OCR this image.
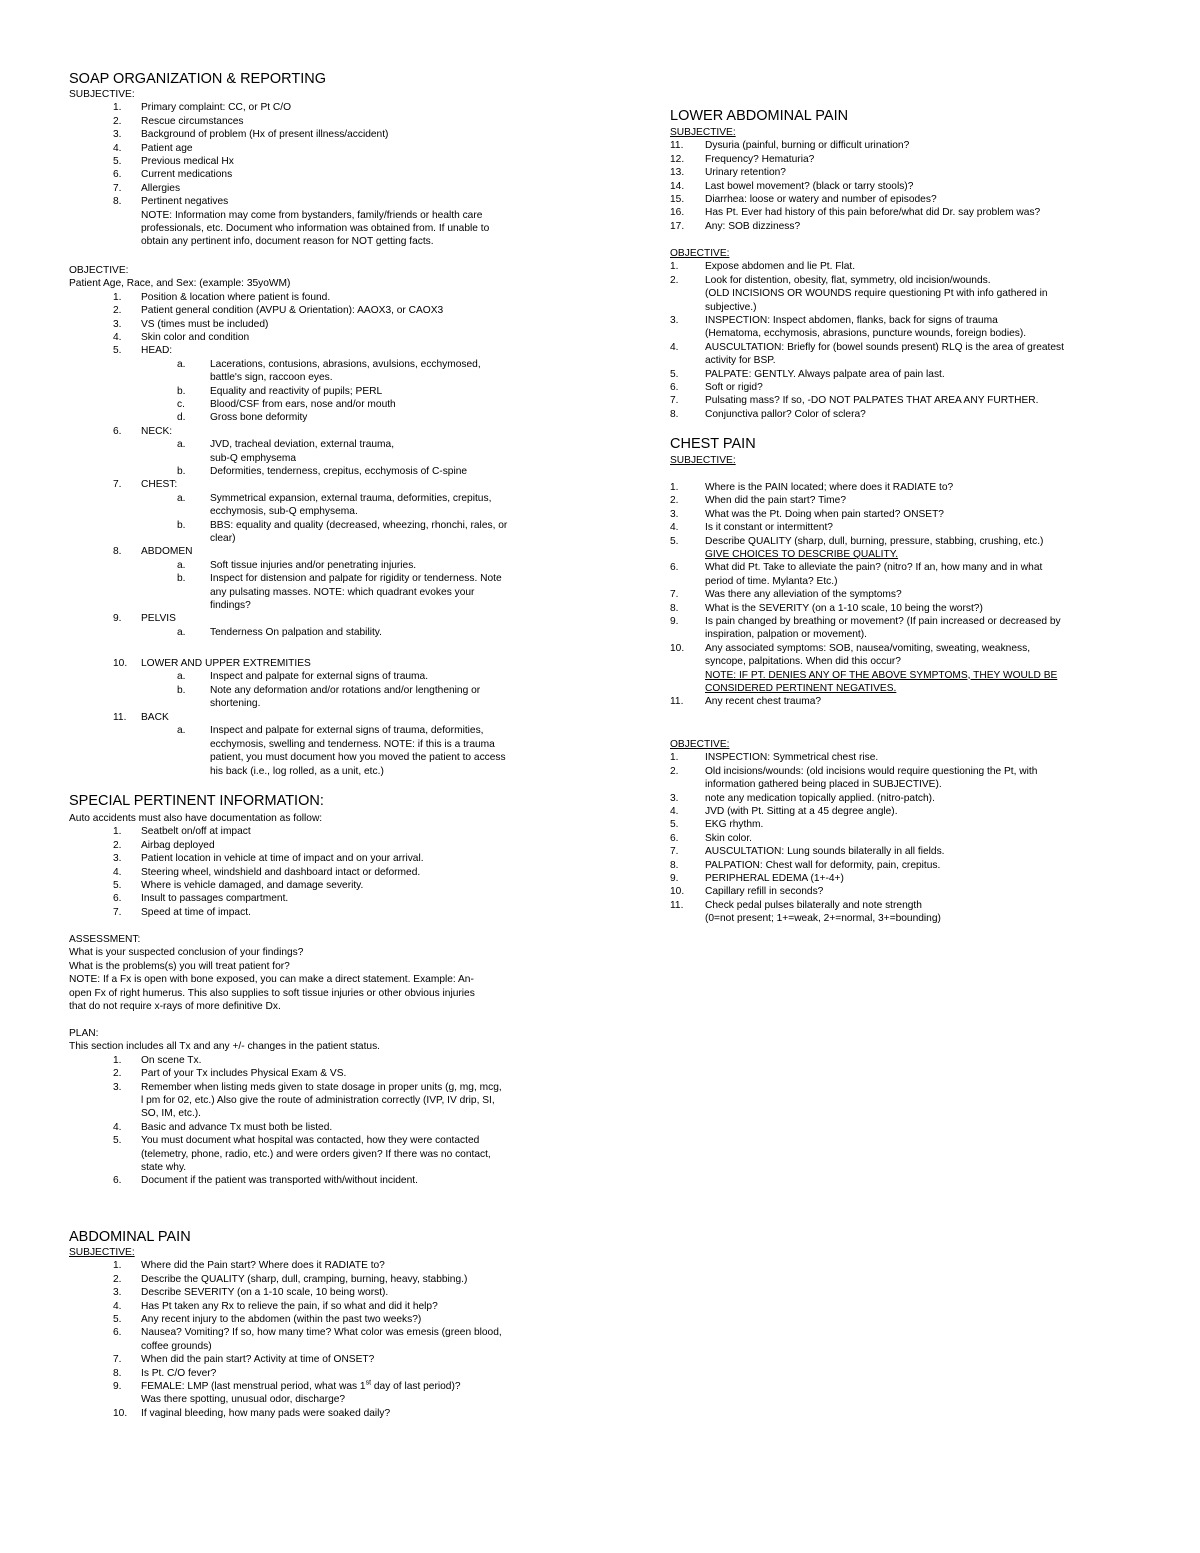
SOAP ORGANIZATION & REPORTING
SUBJECTIVE:
1. Primary complaint: CC, or Pt C/O
2. Rescue circumstances
3. Background of problem (Hx of present illness/accident)
4. Patient age
5. Previous medical Hx
6. Current medications
7. Allergies
8. Pertinent negatives
NOTE: Information may come from bystanders, family/friends or health care
professionals, etc. Document who information was obtained from. If unable to
obtain any pertinent info, document reason for NOT getting facts.
OBJECTIVE:
Patient Age, Race, and Sex: (example: 35yoWM)
1. Position & location where patient is found.
2. Patient general condition (AVPU & Orientation): AAOX3, or CAOX3
3. VS (times must be included)
4. Skin color and condition
5. HEAD:
a. Lacerations, contusions, abrasions, avulsions, ecchymosed,
battle's sign, raccoon eyes.
b. Equality and reactivity of pupils; PERL
c. Blood/CSF from ears, nose and/or mouth
d. Gross bone deformity
6. NECK:
a. JVD, tracheal deviation, external trauma,
sub-Q emphysema
b. Deformities, tenderness, crepitus, ecchymosis of C-spine
7. CHEST:
a. Symmetrical expansion, external trauma, deformities, crepitus,
ecchymosis, sub-Q emphysema.
b. BBS: equality and quality (decreased, wheezing, rhonchi, rales, or
clear)
8. ABDOMEN
a. Soft tissue injuries and/or penetrating injuries.
b. Inspect for distension and palpate for rigidity or tenderness. Note
any pulsating masses. NOTE: which quadrant evokes your
findings?
9. PELVIS
a. Tenderness On palpation and stability.
10. LOWER AND UPPER EXTREMITIES
a. Inspect and palpate for external signs of trauma.
b. Note any deformation and/or rotations and/or lengthening or
shortening.
11. BACK
a. Inspect and palpate for external signs of trauma, deformities,
ecchymosis, swelling and tenderness. NOTE: if this is a trauma
patient, you must document how you moved the patient to access
his back (i.e., log rolled, as a unit, etc.)
SPECIAL PERTINENT INFORMATION:
Auto accidents must also have documentation as follow:
1. Seatbelt on/off at impact
2. Airbag deployed
3. Patient location in vehicle at time of impact and on your arrival.
4. Steering wheel, windshield and dashboard intact or deformed.
5. Where is vehicle damaged, and damage severity.
6. Insult to passages compartment.
7. Speed at time of impact.
ASSESSMENT:
What is your suspected conclusion of your findings?
What is the problems(s) you will treat patient for?
NOTE: If a Fx is open with bone exposed, you can make a direct statement. Example: An-
open Fx of right humerus. This also supplies to soft tissue injuries or other obvious injuries
that do not require x-rays of more definitive Dx.
PLAN:
This section includes all Tx and any +/- changes in the patient status.
1. On scene Tx.
2. Part of your Tx includes Physical Exam & VS.
3. Remember when listing meds given to state dosage in proper units (g, mg, mcg,
l pm for 02, etc.) Also give the route of administration correctly (IVP, IV drip, SI,
SO, IM, etc.).
4. Basic and advance Tx must both be listed.
5. You must document what hospital was contacted, how they were contacted
(telemetry, phone, radio, etc.) and were orders given? If there was no contact,
state why.
6. Document if the patient was transported with/without incident.
ABDOMINAL PAIN
SUBJECTIVE:
1. Where did the Pain start? Where does it RADIATE to?
2. Describe the QUALITY (sharp, dull, cramping, burning, heavy, stabbing.)
3. Describe SEVERITY (on a 1-10 scale, 10 being worst).
4. Has Pt taken any Rx to relieve the pain, if so what and did it help?
5. Any recent injury to the abdomen (within the past two weeks?)
6. Nausea? Vomiting? If so, how many time? What color was emesis (green blood,
coffee grounds)
7. When did the pain start? Activity at time of ONSET?
8. Is Pt. C/O fever?
9. FEMALE: LMP (last menstrual period, what was 1st day of last period)?
Was there spotting, unusual odor, discharge?
10. If vaginal bleeding, how many pads were soaked daily?
LOWER ABDOMINAL PAIN
SUBJECTIVE:
11. Dysuria (painful, burning or difficult urination?
12. Frequency? Hematuria?
13. Urinary retention?
14. Last bowel movement? (black or tarry stools)?
15. Diarrhea: loose or watery and number of episodes?
16. Has Pt. Ever had history of this pain before/what did Dr. say problem was?
17. Any: SOB dizziness?
OBJECTIVE:
1.	Expose abdomen and lie Pt. Flat.
2.	Look for distention, obesity, flat, symmetry, old incision/wounds.
(OLD INCISIONS OR WOUNDS require questioning Pt with info gathered in
subjective.)
3.	INSPECTION: Inspect abdomen, flanks, back for signs of trauma
(Hematoma, ecchymosis, abrasions, puncture wounds, foreign bodies).
4.	AUSCULTATION: Briefly for (bowel sounds present) RLQ is the area of greatest
activity for BSP.
5.	PALPATE: GENTLY. Always palpate area of pain last.
6.	Soft or rigid?
7.	Pulsating mass? If so, -DO NOT PALPATES THAT AREA ANY FURTHER.
8.	Conjunctiva pallor? Color of sclera?
CHEST PAIN
SUBJECTIVE:
1.	Where is the PAIN located; where does it RADIATE to?
2.	When did the pain start? Time?
3.	What was the Pt. Doing when pain started? ONSET?
4.	Is it constant or intermittent?
5.	Describe QUALITY (sharp, dull, burning, pressure, stabbing, crushing, etc.)
GIVE CHOICES TO DESCRIBE QUALITY.
6.	What did Pt. Take to alleviate the pain? (nitro? If an, how many and in what
period of time. Mylanta? Etc.)
7.	Was there any alleviation of the symptoms?
8.	What is the SEVERITY (on a 1-10 scale, 10 being the worst?)
9.	Is pain changed by breathing or movement? (If pain increased or decreased by
inspiration, palpation or movement).
10. Any associated symptoms: SOB, nausea/vomiting, sweating, weakness,
syncope, palpitations. When did this occur?
NOTE: IF PT. DENIES ANY OF THE ABOVE SYMPTOMS, THEY WOULD BE
CONSIDERED PERTINENT NEGATIVES.
11. Any recent chest trauma?
OBJECTIVE:
1.	INSPECTION: Symmetrical chest rise.
2.	Old incisions/wounds: (old incisions would require questioning the Pt, with
information gathered being placed in SUBJECTIVE).
3.	note any medication topically applied. (nitro-patch).
4.	JVD (with Pt. Sitting at a 45 degree angle).
5.	EKG rhythm.
6.	Skin color.
7.	AUSCULTATION: Lung sounds bilaterally in all fields.
8.	PALPATION: Chest wall for deformity, pain, crepitus.
9.	PERIPHERAL EDEMA (1+-4+)
10. Capillary refill in seconds?
11. Check pedal pulses bilaterally and note strength
(0=not present; 1+=weak, 2+=normal, 3+=bounding)
